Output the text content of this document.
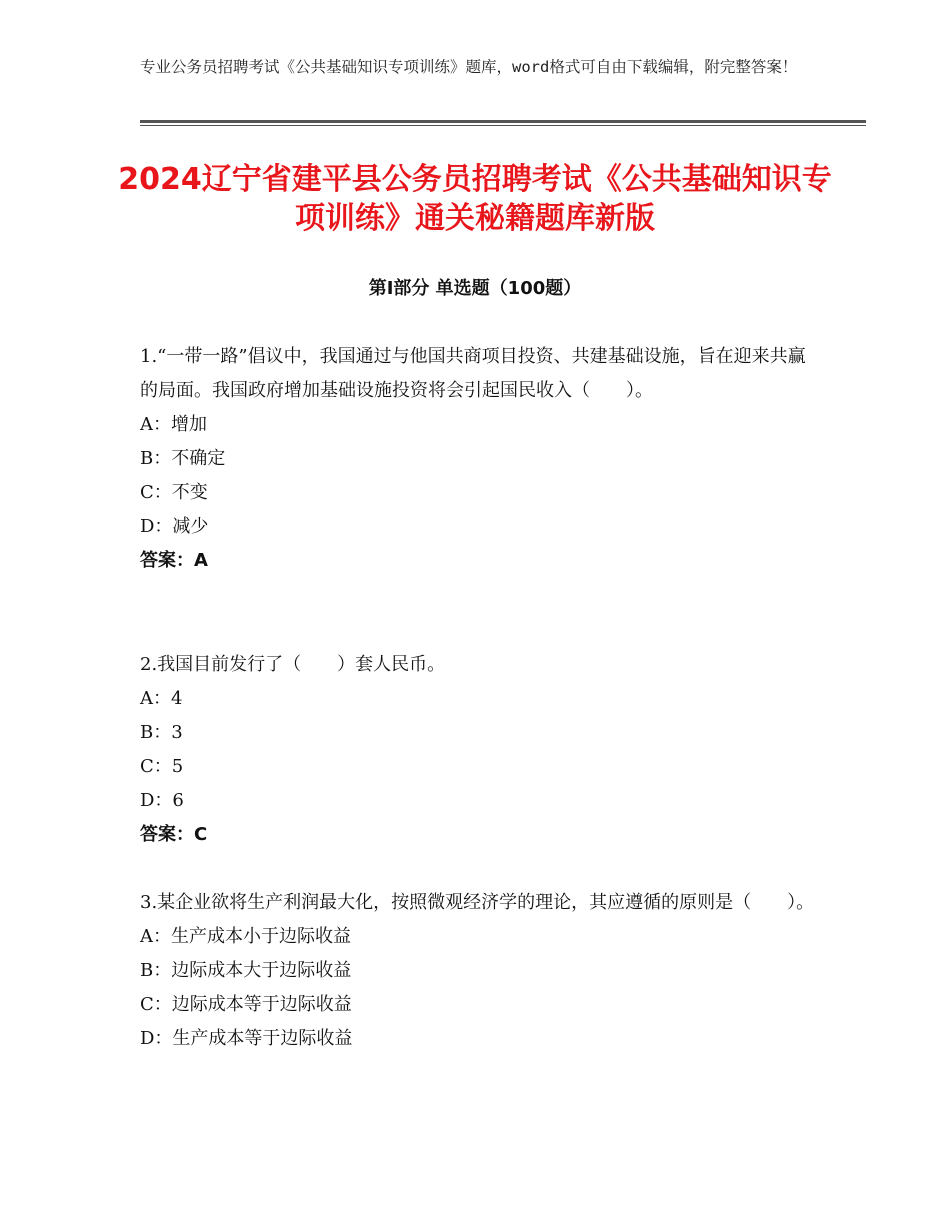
专业公务员招聘考试《公共基础知识专项训练》题库，word格式可自由下载编辑，附完整答案！
2024辽宁省建平县公务员招聘考试《公共基础知识专项训练》通关秘籍题库新版
第Ⅰ部分 单选题（100题）
1.“一带一路”倡议中，我国通过与他国共商项目投资、共建基础设施，旨在迎来共赢的局面。我国政府增加基础设施投资将会引起国民收入（　　）。
A：增加
B：不确定
C：不变
D：减少
答案：A
2.我国目前发行了（　　）套人民币。
A：4
B：3
C：5
D：6
答案：C
3.某企业欲将生产利润最大化，按照微观经济学的理论，其应遵循的原则是（　　）。
A：生产成本小于边际收益
B：边际成本大于边际收益
C：边际成本等于边际收益
D：生产成本等于边际收益
